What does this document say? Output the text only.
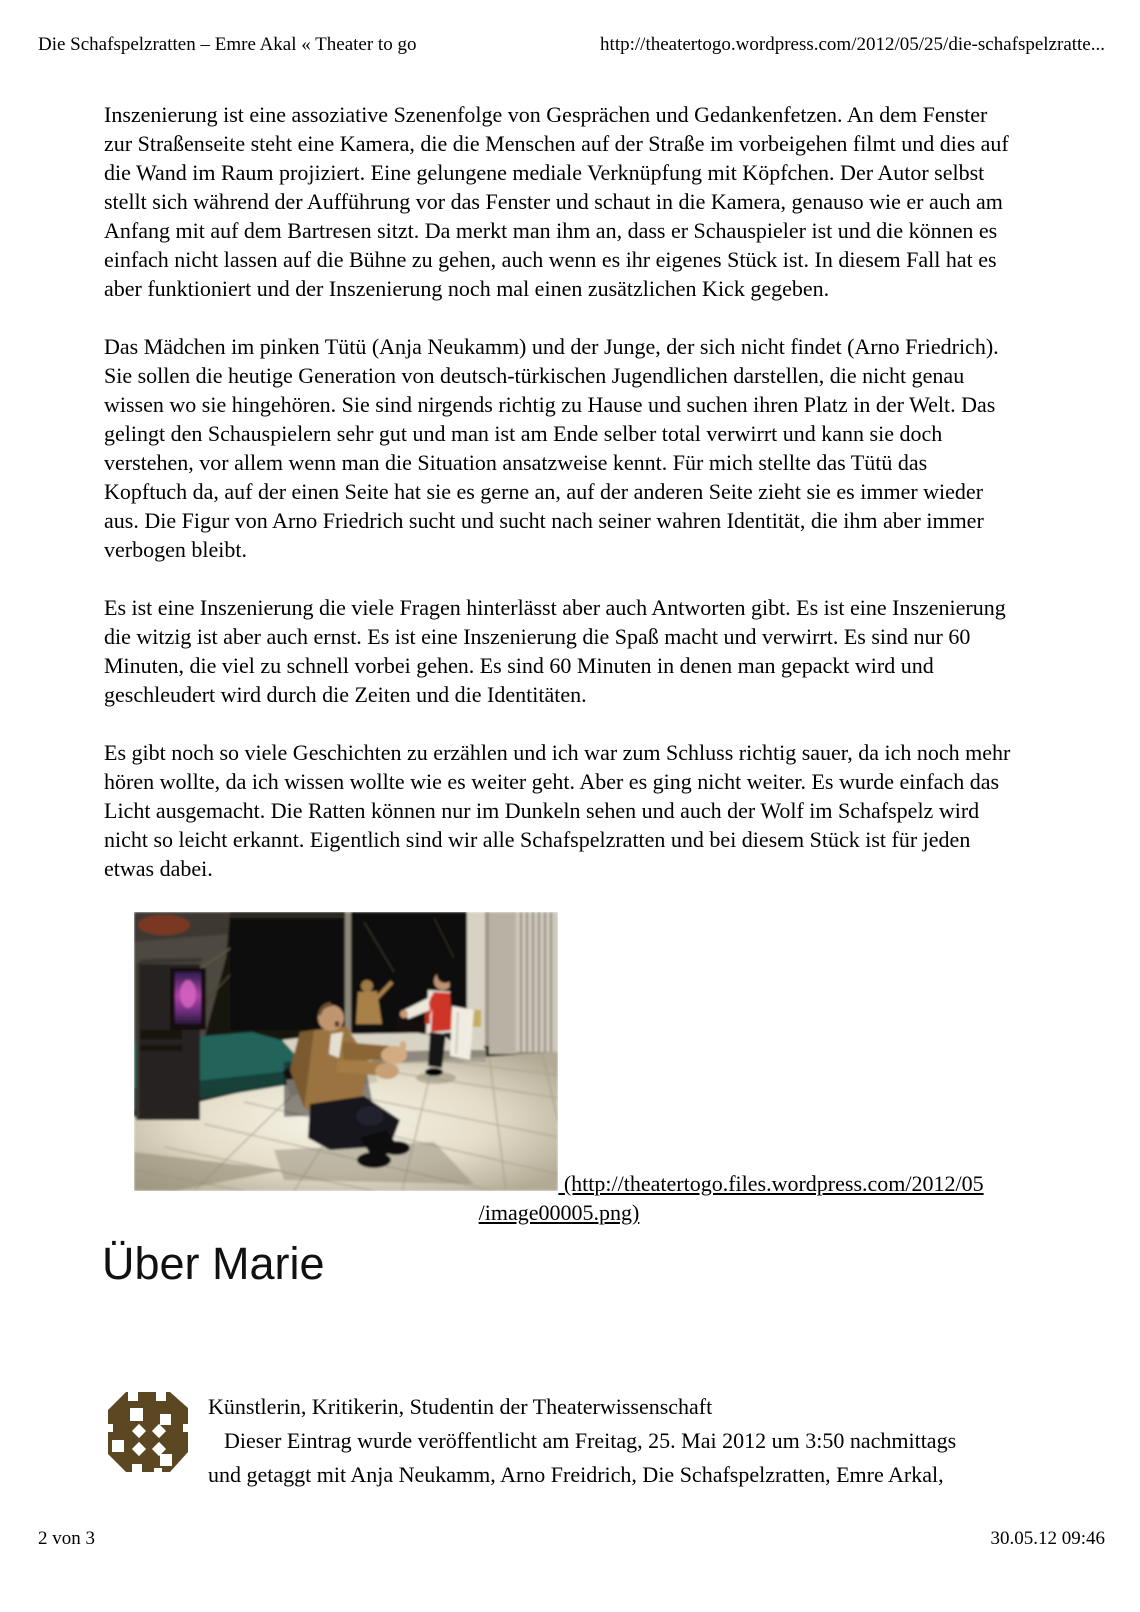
Die Schafspelzratten – Emre Akal « Theater to go	http://theatertogo.wordpress.com/2012/05/25/die-schafspelzratte...

Inszenierung ist eine assoziative Szenenfolge von Gesprächen und Gedankenfetzen. An dem Fenster zur Straßenseite steht eine Kamera, die die Menschen auf der Straße im vorbeigehen filmt und dies auf die Wand im Raum projiziert. Eine gelungene mediale Verknüpfung mit Köpfchen. Der Autor selbst stellt sich während der Aufführung vor das Fenster und schaut in die Kamera, genauso wie er auch am Anfang mit auf dem Bartresen sitzt. Da merkt man ihm an, dass er Schauspieler ist und die können es einfach nicht lassen auf die Bühne zu gehen, auch wenn es ihr eigenes Stück ist. In diesem Fall hat es aber funktioniert und der Inszenierung noch mal einen zusätzlichen Kick gegeben.

Das Mädchen im pinken Tütü (Anja Neukamm) und der Junge, der sich nicht findet (Arno Friedrich). Sie sollen die heutige Generation von deutsch-türkischen Jugendlichen darstellen, die nicht genau wissen wo sie hingehören. Sie sind nirgends richtig zu Hause und suchen ihren Platz in der Welt. Das gelingt den Schauspielern sehr gut und man ist am Ende selber total verwirrt und kann sie doch verstehen, vor allem wenn man die Situation ansatzweise kennt. Für mich stellte das Tütü das Kopftuch da, auf der einen Seite hat sie es gerne an, auf der anderen Seite zieht sie es immer wieder aus. Die Figur von Arno Friedrich sucht und sucht nach seiner wahren Identität, die ihm aber immer verbogen bleibt.

Es ist eine Inszenierung die viele Fragen hinterlässt aber auch Antworten gibt. Es ist eine Inszenierung die witzig ist aber auch ernst. Es ist eine Inszenierung die Spaß macht und verwirrt. Es sind nur 60 Minuten, die viel zu schnell vorbei gehen. Es sind 60 Minuten in denen man gepackt wird und geschleudert wird durch die Zeiten und die Identitäten.

Es gibt noch so viele Geschichten zu erzählen und ich war zum Schluss richtig sauer, da ich noch mehr hören wollte, da ich wissen wollte wie es weiter geht. Aber es ging nicht weiter. Es wurde einfach das Licht ausgemacht. Die Ratten können nur im Dunkeln sehen und auch der Wolf im Schafspelz wird nicht so leicht erkannt. Eigentlich sind wir alle Schafspelzratten und bei diesem Stück ist für jeden etwas dabei.

(http://theatertogo.files.wordpress.com/2012/05
/image00005.png)
Über Marie
Künstlerin, Kritikerin, Studentin der Theaterwissenschaft
Dieser Eintrag wurde veröffentlicht am Freitag, 25. Mai 2012 um 3:50 nachmittags
und getaggt mit Anja Neukamm, Arno Freidrich, Die Schafspelzratten, Emre Arkal,
2 von 3	30.05.12 09:46
